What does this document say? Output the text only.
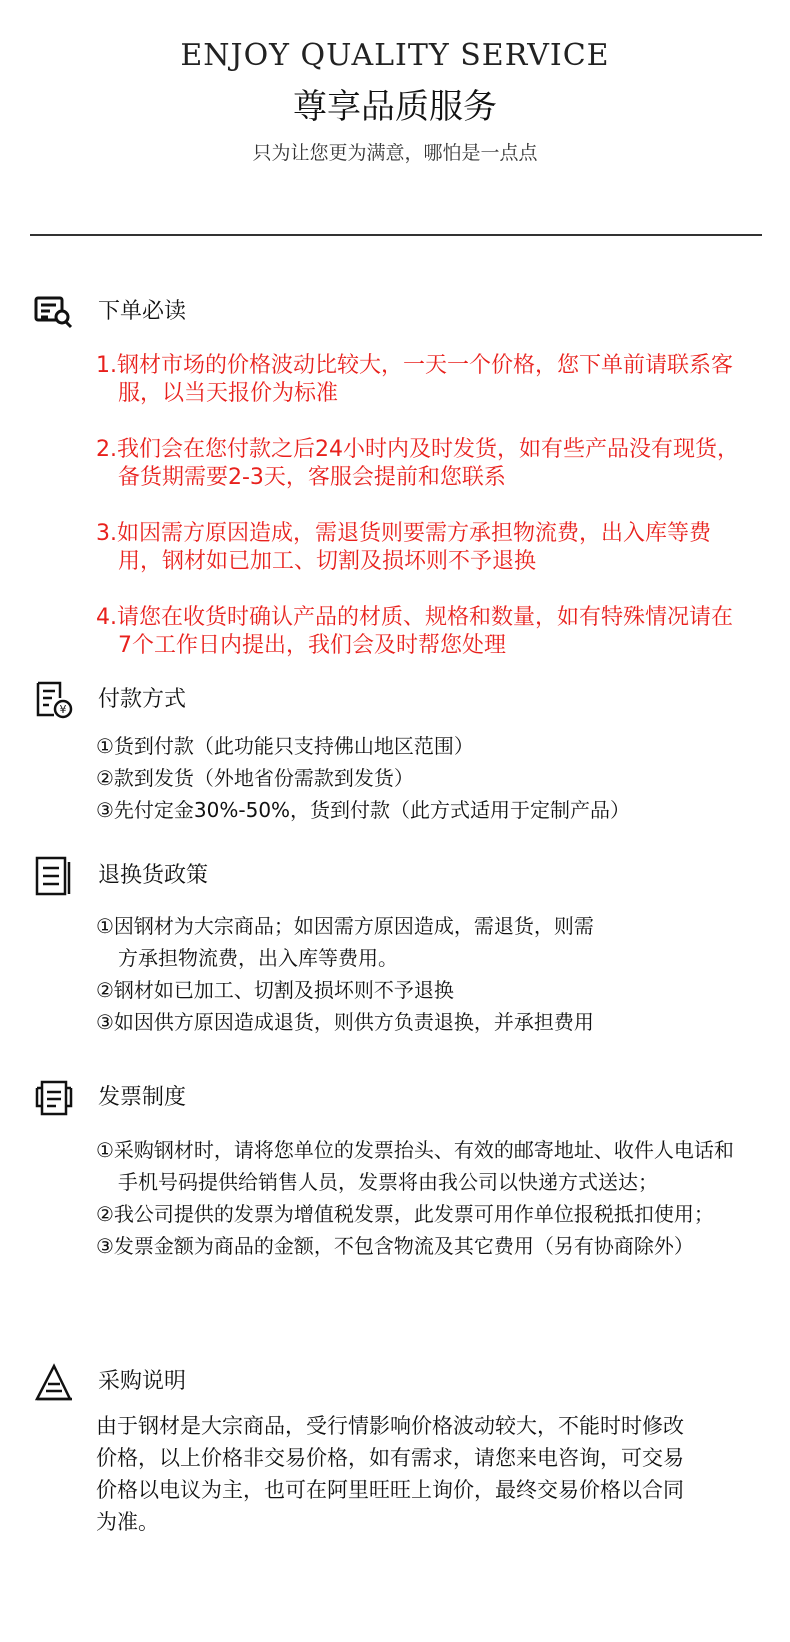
ENJOY QUALITY SERVICE
尊享品质服务
只为让您更为满意，哪怕是一点点
下单必读
1.钢材市场的价格波动比较大，一天一个价格，您下单前请联系客服，以当天报价为标准
2.我们会在您付款之后24小时内及时发货，如有些产品没有现货，备货期需要2-3天，客服会提前和您联系
3.如因需方原因造成，需退货则要需方承担物流费，出入库等费用，钢材如已加工、切割及损坏则不予退换
4.请您在收货时确认产品的材质、规格和数量，如有特殊情况请在7个工作日内提出，我们会及时帮您处理
¥ 付款方式
①货到付款（此功能只支持佛山地区范围）
②款到发货（外地省份需款到发货）
③先付定金30%-50%，货到付款（此方式适用于定制产品）
退换货政策
①因钢材为大宗商品；如因需方原因造成，需退货，则需方承担物流费，出入库等费用。
②钢材如已加工、切割及损坏则不予退换
③如因供方原因造成退货，则供方负责退换，并承担费用
发票制度
①采购钢材时，请将您单位的发票抬头、有效的邮寄地址、收件人电话和手机号码提供给销售人员，发票将由我公司以快递方式送达；
②我公司提供的发票为增值税发票，此发票可用作单位报税抵扣使用；
③发票金额为商品的金额，不包含物流及其它费用（另有协商除外）
采购说明
由于钢材是大宗商品，受行情影响价格波动较大，不能时时修改价格，以上价格非交易价格，如有需求，请您来电咨询，可交易价格以电议为主，也可在阿里旺旺上询价，最终交易价格以合同为准。
